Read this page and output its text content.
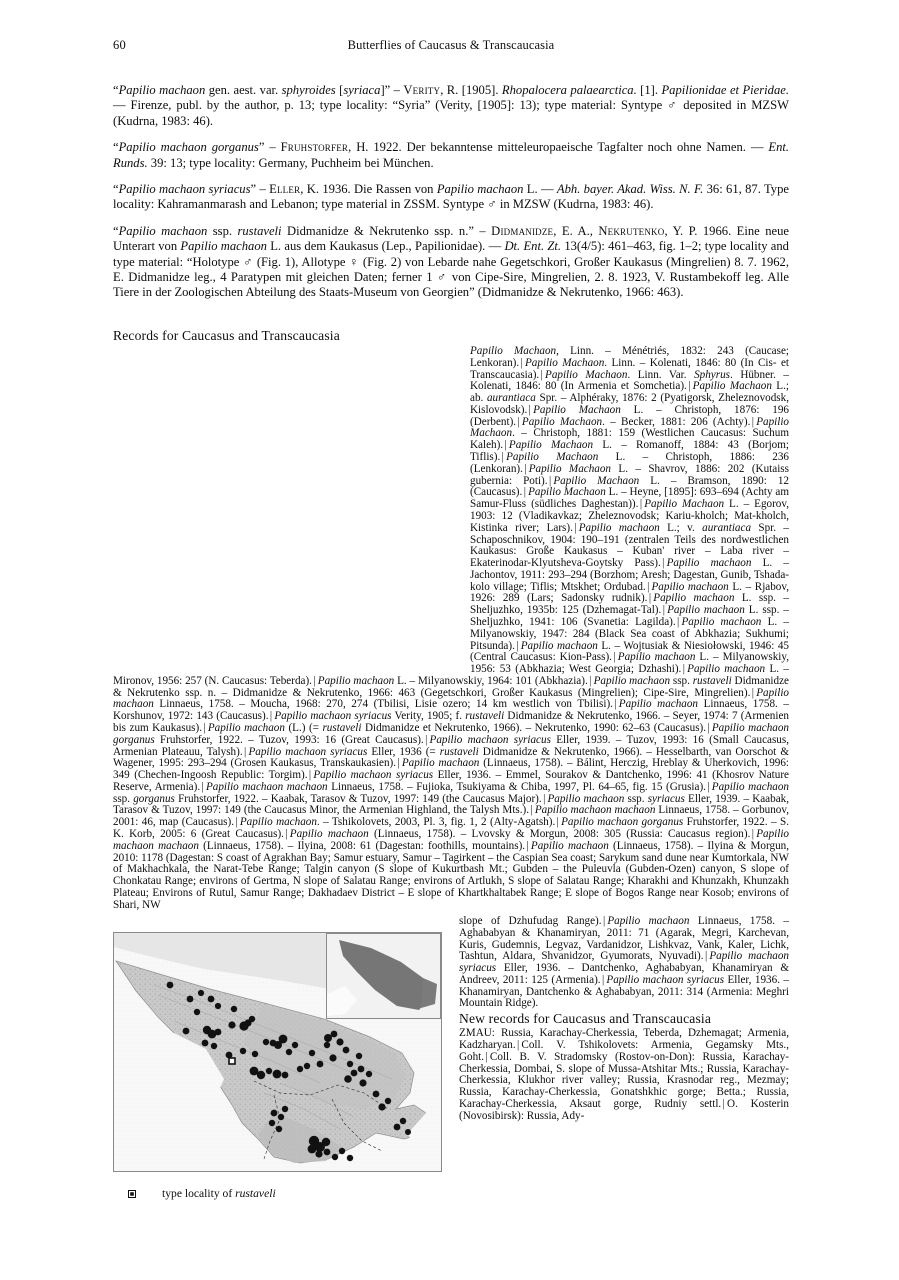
60	Butterflies of Caucasus & Transcaucasia

“Papilio machaon gen. aest. var. sphyroides [syriaca]” – Verity, R. [1905]. Rhopalocera palaearctica. [1]. Papilionidae et Pieridae. — Firenze, publ. by the author, p. 13; type locality: “Syria” (Verity, [1905]: 13); type material: Syntype ♂ deposited in MZSW (Kudrna, 1983: 46).

“Papilio machaon gorganus” – Fruhstorfer, H. 1922. Der bekanntense mitteleuropaeische Tagfalter noch ohne Namen. — Ent. Runds. 39: 13; type locality: Germany, Puchheim bei München.

“Papilio machaon syriacus” – Eller, K. 1936. Die Rassen von Papilio machaon L. — Abh. bayer. Akad. Wiss. N. F. 36: 61, 87. Type locality: Kahramanmarash and Lebanon; type material in ZSSM. Syntype ♂ in MZSW (Kudrna, 1983: 46).

“Papilio machaon ssp. rustaveli Didmanidze & Nekrutenko ssp. n.” – Didmanidze, E. A., Nekrutenko, Y. P. 1966. Eine neue Unterart von Papilio machaon L. aus dem Kaukasus (Lep., Papilionidae). — Dt. Ent. Zt. 13(4/5): 461–463, fig. 1–2; type locality and type material: “Holotype ♂ (Fig. 1), Allotype ♀ (Fig. 2) von Lebarde nahe Gegetschkori, Großer Kaukasus (Mingrelien) 8. 7. 1962, E. Didmanidze leg., 4 Paratypen mit gleichen Daten; ferner 1 ♂ von Cipe-Sire, Mingrelien, 2. 8. 1923, V. Rustambekoff leg. Alle Tiere in der Zoologischen Abteilung des Staats-Museum von Georgien” (Didmanidze & Nekrutenko, 1966: 463).

Records for Caucasus and Transcaucasia
Papilio Machaon, Linn. – Ménétriés, 1832: 243 (Caucase; Lenkoran).| Papilio Machaon. Linn. – Kolenati, 1846: 80 (In Cis- et Transcaucasia).| Papilio Machaon. Linn. Var. Sphyrus. Hübner. – Kolenati, 1846: 80 (In Armenia et Somchetia).| Papilio Machaon L.; ab. aurantiaca Spr. – Alphéraky, 1876: 2 (Pyatigorsk, Zheleznovodsk, Kislovodsk).| Papilio Machaon L. – Christoph, 1876: 196 (Derbent).| Papilio Machaon. – Becker, 1881: 206 (Achty).| Papilio Machaon. – Christoph, 1881: 159 (Westlichen Caucasus: Suchum Kaleh).| Papilio Machaon L. – Romanoff, 1884: 43 (Borjom; Tiflis).| Papilio Machaon L. – Christoph, 1886: 236 (Lenkoran).| Papilio Machaon L. – Shavrov, 1886: 202 (Kutaiss gubernia: Poti).| Papilio Machaon L. – Bramson, 1890: 12 (Caucasus).| Papilio Machaon L. – Heyne, [1895]: 693–694 (Achty am Samur-Fluss (südliches Daghestan)).| Papilio Machaon L. – Egorov, 1903: 12 (Vladikavkaz; Zheleznovodsk; Kariu-kholch; Mat-kholch, Kistinka river; Lars).| Papilio machaon L.; v. aurantiaca Spr. – Schaposchnikov, 1904: 190–191 (zentralen Teils des nordwestlichen Kaukasus: Große Kaukasus – Kuban' river – Laba river – Ekaterinodar-Klyutsheva-Goytsky Pass).| Papilio machaon L. – Jachontov, 1911: 293–294 (Borzhom; Aresh; Dagestan, Gunib, Tshada-kolo village; Tiflis; Mtskhet; Ordubad.| Papilio machaon L. – Rjabov, 1926: 289 (Lars; Sadonsky rudnik).| Papilio machaon L. ssp. – Sheljuzhko, 1935b: 125 (Dzhemagat-Tal).| Papilio machaon L. ssp. – Sheljuzhko, 1941: 106 (Svanetia: Lagilda).| Papilio machaon L. – Milyanowskiy, 1947: 284 (Black Sea coast of Abkhazia; Sukhumi; Pitsunda).| Papilio machaon L. – Wojtusiak & Niesiołowski, 1946: 45 (Central Caucasus: Kion-Pass).| Papilio machaon L. – Milyanowskiy, 1956: 53 (Abkhazia; West Georgia; Dzhashi).| Papilio machaon L. – Mironov, 1956: 257 (N. Caucasus: Teberda).| Papilio machaon L. – Milyanowskiy, 1964: 101 (Abkhazia).| Papilio machaon ssp. rustaveli Didmanidze & Nekrutenko ssp. n. – Didmanidze & Nekrutenko, 1966: 463 (Gegetschkori, Großer Kaukasus (Mingrelien); Cipe-Sire, Mingrelien).| Papilio machaon Linnaeus, 1758. – Moucha, 1968: 270, 274 (Tbilisi, Lisie ozero; 14 km westlich von Tbilisi).| Papilio machaon Linnaeus, 1758. – Korshunov, 1972: 143 (Caucasus).| Papilio machaon syriacus Verity, 1905; f. rustaveli Didmanidze & Nekrutenko, 1966. – Seyer, 1974: 7 (Armenien bis zum Kaukasus).| Papilio machaon (L.) (= rustaveli Didmanidze et Nekrutenko, 1966). – Nekrutenko, 1990: 62–63 (Caucasus).| Papilio machaon gorganus Fruhstorfer, 1922. – Tuzov, 1993: 16 (Great Caucasus).| Papilio machaon syriacus Eller, 1939. – Tuzov, 1993: 16 (Small Caucasus, Armenian Plateauu, Talysh).| Papilio machaon syriacus Eller, 1936 (= rustaveli Didmanidze & Nekrutenko, 1966). – Hesselbarth, van Oorschot & Wagener, 1995: 293–294 (Grosen Kaukasus, Transkaukasien).| Papilio machaon (Linnaeus, 1758). – Bálint, Herczig, Hreblay & Uherkovich, 1996: 349 (Chechen-Ingoosh Republic: Torgim).| Papilio machaon syriacus Eller, 1936. – Emmel, Sourakov & Dantchenko, 1996: 41 (Khosrov Nature Reserve, Armenia).| Papilio machaon machaon Linnaeus, 1758. – Fujioka, Tsukiyama & Chiba, 1997, Pl. 64–65, fig. 15 (Grusia).| Papilio machaon ssp. gorganus Fruhstorfer, 1922. – Kaabak, Tarasov & Tuzov, 1997: 149 (the Caucasus Major).| Papilio machaon ssp. syriacus Eller, 1939. – Kaabak, Tarasov & Tuzov, 1997: 149 (the Caucasus Minor, the Armenian Highland, the Talysh Mts.).| Papilio machaon machaon Linnaeus, 1758. – Gorbunov, 2001: 46, map (Caucasus).| Papilio machaon. – Tshikolovets, 2003, Pl. 3, fig. 1, 2 (Alty-Agatsh).| Papilio machaon gorganus Fruhstorfer, 1922. – S. K. Korb, 2005: 6 (Great Caucasus).| Papilio machaon (Linnaeus, 1758). – Lvovsky & Morgun, 2008: 305 (Russia: Caucasus region).| Papilio machaon machaon (Linnaeus, 1758). – Ilyina, 2008: 61 (Dagestan: foothills, mountains).| Papilio machaon (Linnaeus, 1758). – Ilyina & Morgun, 2010: 1178 (Dagestan: S coast of Agrakhan Bay; Samur estuary, Samur – Tagirkent – the Caspian Sea coast; Sarykum sand dune near Kumtorkala, NW of Makhachkala, the Narat-Tebe Range; Talgin canyon (S slope of Kukurtbash Mt.; Gubden – the Puleuvla (Gubden-Ozen) canyon, S slope of Chonkatau Range; environs of Gertma, N slope of Salatau Range; environs of Artlukh, S slope of Salatau Range; Kharakhi and Khunzakh, Khunzakh Plateau; Environs of Rutul, Samur Range; Dakhadaev District – E slope of Khartkhaltabek Range; E slope of Bogos Range near Kosob; environs of Shari, NW
slope of Dzhufudag Range).| Papilio machaon Linnaeus, 1758. – Aghababyan & Khanamiryan, 2011: 71 (Agarak, Megri, Karchevan, Kuris, Gudemnis, Legvaz, Vardanidzor, Lishkvaz, Vank, Kaler, Lichk, Tashtun, Aldara, Shvanidzor, Gyumorats, Nyuvadi).| Papilio machaon syriacus Eller, 1936. – Dantchenko, Aghababyan, Khanamiryan & Andreev, 2011: 125 (Armenia).| Papilio machaon syriacus Eller, 1936. – Khanamiryan, Dantchenko & Aghababyan, 2011: 314 (Armenia: Meghri Mountain Ridge).
New records for Caucasus and Transcaucasia
ZMAU: Russia, Karachay-Cherkessia, Teberda, Dzhemagat; Armenia, Kadzharyan.| Coll. V. Tshikolovets: Armenia, Gegamsky Mts., Goht.| Coll. B. V. Stradomsky (Rostov-on-Don): Russia, Karachay-Cherkessia, Dombai, S. slope of Mussa-Atshitar Mts.; Russia, Karachay-Cherkessia, Klukhor river valley; Russia, Krasnodar reg., Mezmay; Russia, Karachay-Cherkessia, Gonatshkhic gorge; Betta.; Russia, Karachay-Cherkessia, Aksaut gorge, Rudniy settl.| O. Kosterin (Novosibirsk): Russia, Ady-
type locality of rustaveli
